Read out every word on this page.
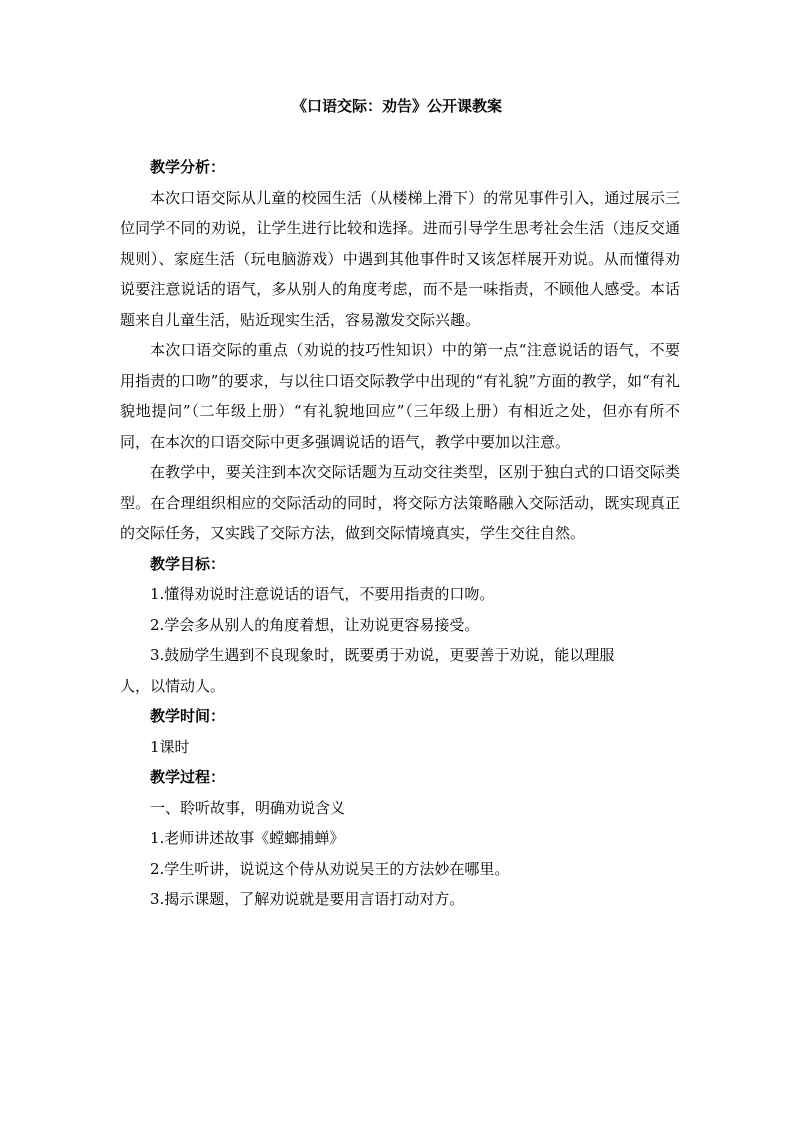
《口语交际：劝告》公开课教案

教学分析：

本次口语交际从儿童的校园生活（从楼梯上滑下）的常见事件引入，通过展示三位同学不同的劝说，让学生进行比较和选择。进而引导学生思考社会生活（违反交通规则）、家庭生活（玩电脑游戏）中遇到其他事件时又该怎样展开劝说。从而懂得劝说要注意说话的语气，多从别人的角度考虑，而不是一味指责，不顾他人感受。本话题来自儿童生活，贴近现实生活，容易激发交际兴趣。

本次口语交际的重点（劝说的技巧性知识）中的第一点“注意说话的语气，不要用指责的口吻”的要求，与以往口语交际教学中出现的“有礼貌”方面的教学，如“有礼貌地提问”（二年级上册）“有礼貌地回应”（三年级上册）有相近之处，但亦有所不同，在本次的口语交际中更多强调说话的语气，教学中要加以注意。

在教学中，要关注到本次交际话题为互动交往类型，区别于独白式的口语交际类型。在合理组织相应的交际活动的同时，将交际方法策略融入交际活动，既实现真正的交际任务，又实践了交际方法，做到交际情境真实，学生交往自然。

教学目标：

1.懂得劝说时注意说话的语气，不要用指责的口吻。

2.学会多从别人的角度着想，让劝说更容易接受。

3.鼓励学生遇到不良现象时，既要勇于劝说，更要善于劝说，能以理服

人，以情动人。

教学时间：

1课时

教学过程：

一、聆听故事，明确劝说含义

1.老师讲述故事《螳螂捕蝉》

2.学生听讲，说说这个侍从劝说吴王的方法妙在哪里。

3.揭示课题，了解劝说就是要用言语打动对方。
